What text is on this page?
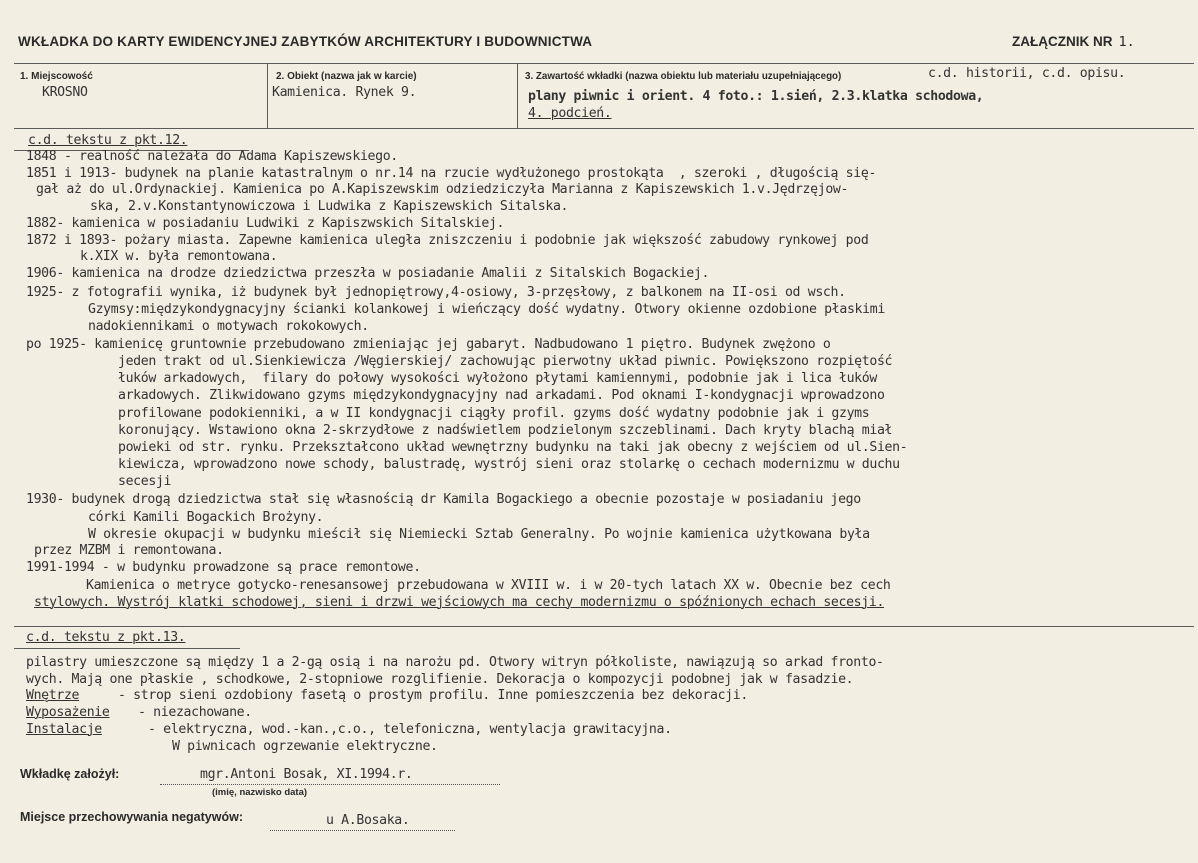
WKŁADKA DO KARTY EWIDENCYJNEJ ZABYTKÓW ARCHITEKTURY I BUDOWNICTWA	ZAŁĄCZNIK NR 1.
1. Miejscowość
KROSNO
2. Obiekt (nazwa jak w karcie)
Kamienica. Rynek 9.
3. Zawartość wkładki (nazwa obiektu lub materiału uzupełniającego)	c.d. historii, c.d. opisu.
plany piwnic i orient. 4 foto.: 1.sień, 2.3.klatka schodowa,
4. podcień.
c.d. tekstu z pkt.12.
1848 - realność należała do Adama Kapiszewskiego.
1851 i 1913- budynek na planie katastralnym o nr.14 na rzucie wydłużonego prostokąta  , szeroki , długością się-
gał aż do ul.Ordynackiej. Kamienica po A.Kapiszewskim odziedziczyła Marianna z Kapiszewskich 1.v.Jędrzęjow-
ska, 2.v.Konstantynowiczowa i Ludwika z Kapiszewskich Sitalska.
1882- kamienica w posiadaniu Ludwiki z Kapiszwskich Sitalskiej.
1872 i 1893- pożary miasta. Zapewne kamienica uległa zniszczeniu i podobnie jak większość zabudowy rynkowej pod
k.XIX w. była remontowana.
1906- kamienica na drodze dziedzictwa przeszła w posiadanie Amalii z Sitalskich Bogackiej.
1925- z fotografii wynika, iż budynek był jednopiętrowy,4-osiowy, 3-przęsłowy, z balkonem na II-osi od wsch.
Gzymsy:międzykondygnacyjny ścianki kolankowej i wieńczący dość wydatny. Otwory okienne ozdobione płaskimi
nadokiennikami o motywach rokokowych.
po 1925- kamienicę gruntownie przebudowano zmieniając jej gabaryt. Nadbudowano 1 piętro. Budynek zwężono o
jeden trakt od ul.Sienkiewicza /Węgierskiej/ zachowując pierwotny układ piwnic. Powiększono rozpiętość
łuków arkadowych,  filary do połowy wysokości wyłożono płytami kamiennymi, podobnie jak i lica łuków
arkadowych. Zlikwidowano gzyms międzykondygnacyjny nad arkadami. Pod oknami I-kondygnacji wprowadzono
profilowane podokienniki, a w II kondygnacji ciągły profil. gzyms dość wydatny podobnie jak i gzyms
koronujący. Wstawiono okna 2-skrzydłowe z nadświetlem podzielonym szczeblinami. Dach kryty blachą miał
powieki od str. rynku. Przekształcono układ wewnętrzny budynku na taki jak obecny z wejściem od ul.Sien-
kiewicza, wprowadzono nowe schody, balustradę, wystrój sieni oraz stolarkę o cechach modernizmu w duchu
secesji
1930- budynek drogą dziedzictwa stał się własnością dr Kamila Bogackiego a obecnie pozostaje w posiadaniu jego
córki Kamili Bogackich Brożyny.
W okresie okupacji w budynku mieścił się Niemiecki Sztab Generalny. Po wojnie kamienica użytkowana była
przez MZBM i remontowana.
1991-1994 - w budynku prowadzone są prace remontowe.
Kamienica o metryce gotycko-renesansowej przebudowana w XVIII w. i w 20-tych latach XX w. Obecnie bez cech
stylowych. Wystrój klatki schodowej, sieni i drzwi wejściowych ma cechy modernizmu o spóźnionych echach secesji.
c.d. tekstu z pkt.13.
pilastry umieszczone są między 1 a 2-gą osią i na narożu pd. Otwory witryn półkoliste, nawiązują so arkad fronto-
wych. Mają one płaskie , schodkowe, 2-stopniowe rozglifienie. Dekoracja o kompozycji podobnej jak w fasadzie.
Wnętrze	- strop sieni ozdobiony fasetą o prostym profilu. Inne pomieszczenia bez dekoracji.
Wyposażenie - niezachowane.
Instalacje	- elektryczna, wod.-kan.,c.o., telefoniczna, wentylacja grawitacyjna.
W piwnicach ogrzewanie elektryczne.
Wkładkę założył:	mgr.Antoni Bosak, XI.1994.r.
(imię, nazwisko data)
Miejsce przechowywania negatywów:	u A.Bosaka.
